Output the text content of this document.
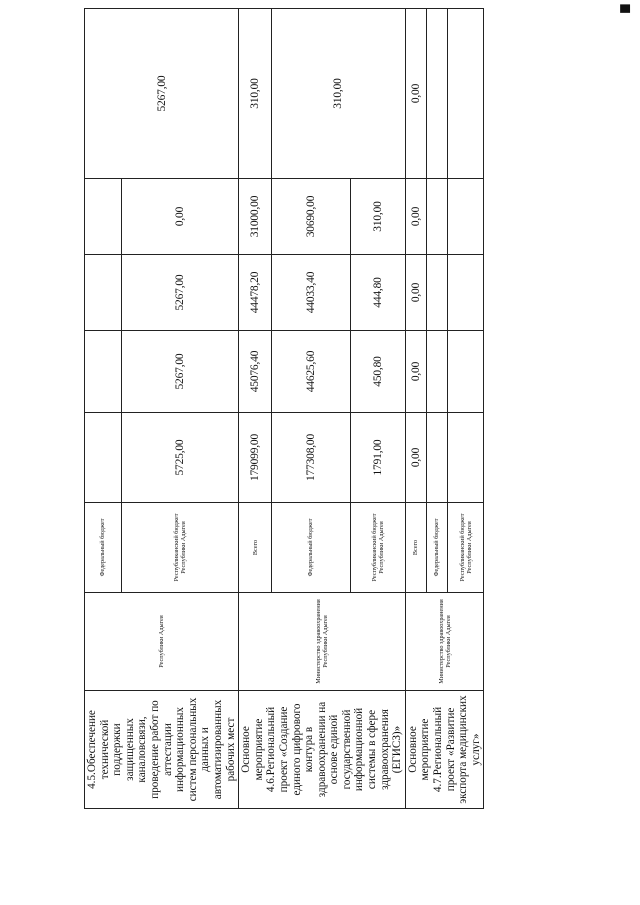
▀
4.5.Обеспечение технической поддержки защищенных каналовсвязи, проведение работ по аттестации информационных систем персональных данных и автоматизированных рабочих мест	Республики Адыгея	Федеральный бюджет					5267,00
		Республиканский бюджет Республики Адыгея	5725,00	5267,00	5267,00	0,00	
Основное мероприятие 4.6.Региональный проект «Создание единого цифрового контура в здравоохранении на основе единой государственной информационной системы в сфере здравоохранения (ЕГИСЗ)»	Министерство здравоохранения Республики Адыгея	Всего	179099,00	45076,40	44478,20	31000,00	310,00
		Федеральный бюджет	177308,00	44625,60	44033,40	30690,00	310,00
		Республиканский бюджет Республики Адыгея	1791,00	450,80	444,80	310,00	
Основное мероприятие 4.7.Региональный проект «Развитие экспорта медицинских услуг»	Министерство здравоохранения Республики Адыгея	Всего	0,00	0,00	0,00	0,00	0,00
		Федеральный бюджет					
		Республиканский бюджет Республики Адыгея					
